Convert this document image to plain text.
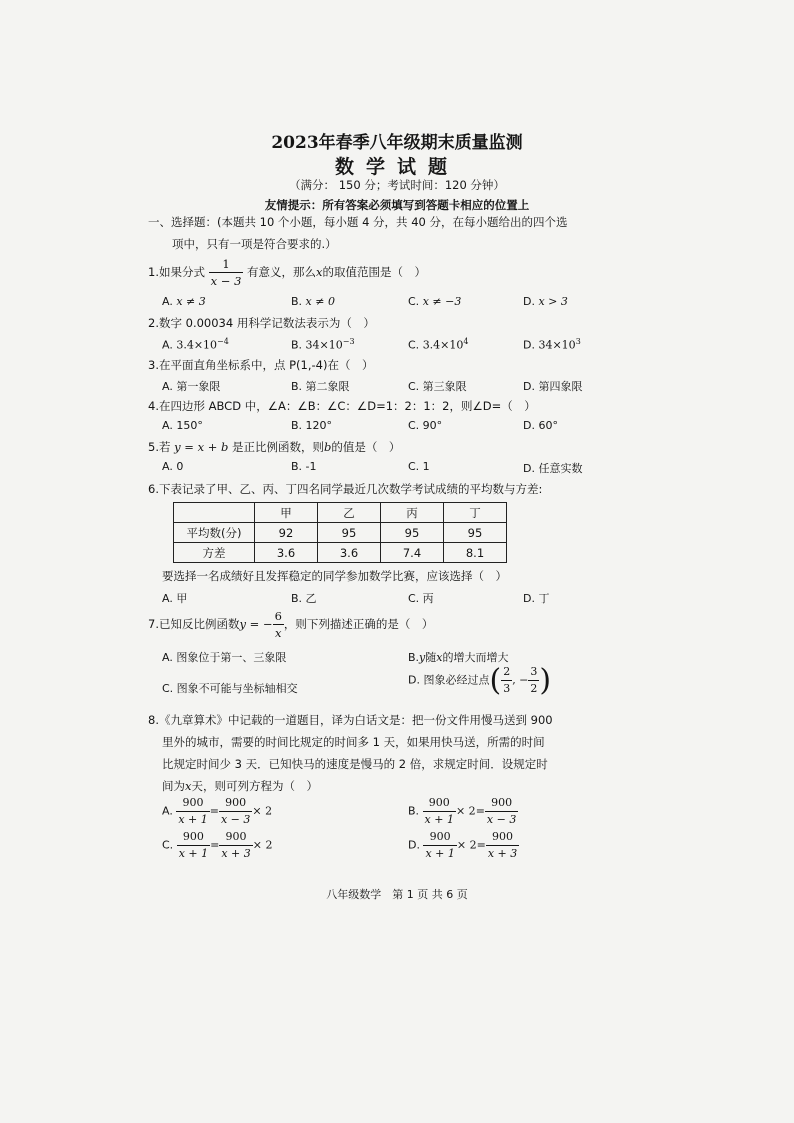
2023年春季八年级期末质量监测
数学试题
（满分： 150 分；考试时间：120 分钟）
友情提示：所有答案必须填写到答题卡相应的位置上
一、选择题：(本题共 10 个小题，每小题 4 分，共 40 分，在每小题给出的四个选
项中，只有一项是符合要求的.）
1.如果分式 $\frac{1}{x - 3}$ 有意义，那么x的取值范围是（　）
A. x ≠ 3	B. x ≠ 0	C. x ≠ −3	D. x > 3
2.数字 0.00034 用科学记数法表示为（　）
A. $3.4\times 10^{-4}$	B. $34\times 10^{-3}$	C. $3.4\times 10^4$	D. $34\times 10^3$
3.在平面直角坐标系中，点 P(1,-4)在（　）
A. 第一象限	B. 第二象限	C. 第三象限	D. 第四象限
4.在四边形 ABCD 中，∠A：∠B：∠C：∠D=1：2：1：2，则∠D=（　）
A. 150°	B. 120°	C. 90°	D. 60°
5.若 y = x + b 是正比例函数，则b的值是（　）
A. 0	B. -1	C. 1	D. 任意实数
6.下表记录了甲、乙、丙、丁四名同学最近几次数学考试成绩的平均数与方差:
	甲	乙	丙	丁
平均数(分)	92	95	95	95
方差	3.6	3.6	7.4	8.1
要选择一名成绩好且发挥稳定的同学参加数学比赛，应该选择（　）
A. 甲	B. 乙	C. 丙	D. 丁
7.已知反比例函数y = − $\frac{6}{x}$ ，则下列描述正确的是（　）
A. 图象位于第一、三象限	B.y随x的增大而增大
C. 图象不可能与坐标轴相交
D. 图象必经过点( $\frac{2}{3}$ , − $\frac{3}{2}$ )
8.《九章算术》中记载的一道题目，译为白话文是：把一份文件用慢马送到 900
里外的城市，需要的时间比规定的时间多 1 天，如果用快马送，所需的时间
比规定时间少 3 天．已知快马的速度是慢马的 2 倍，求规定时间．设规定时
间为x天，则可列方程为（　）
A. $\frac{900}{x + 1} = \frac{900}{x - 3} \times 2$	B. $\frac{900}{x + 1} \times 2= \frac{900}{x - 3}$
C. $\frac{900}{x + 1} = \frac{900}{x + 3} \times 2$	D. $\frac{900}{x + 1} \times 2= \frac{900}{x + 3}$
八年级数学　第 1 页 共 6 页
